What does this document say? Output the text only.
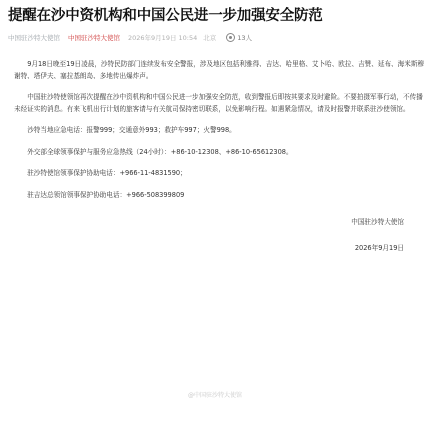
提醒在沙中资机构和中国公民进一步加强安全防范
中国驻沙特大使馆 中国驻沙特大使馆 2026年9月19日 10:54 北京	13人

9月18日晚至19日凌晨，沙特民防部门连续发布安全警报，涉及地区包括利雅得、吉达、哈里格、艾卜哈、欧拉、吉赞、延布、海米斯穆谢特、塔伊夫、塞拉基朗岛、多地传出爆炸声。

中国驻沙特使领馆再次提醒在沙中资机构和中国公民进一步加强安全防范，收到警报后即按其要求及时避险。不要拍摄军事行动，不传播未经证实的消息。有来飞机出行计划的旅客请与有关航司保持密切联系，以免影响行程。如遇紧急情况，请及时报警并联系驻沙使领馆。

沙特当地应急电话：报警999；交通意外993；救护车997；火警998。

外交部全球领事保护与服务应急热线（24小时）：+86-10-12308、+86-10-65612308。

驻沙特使馆领事保护协助电话：+966-11-4831590；

驻吉达总领馆领事保护协助电话：+966-508399809

中国驻沙特大使馆
2026年9月19日
@中国驻沙特大使馆
